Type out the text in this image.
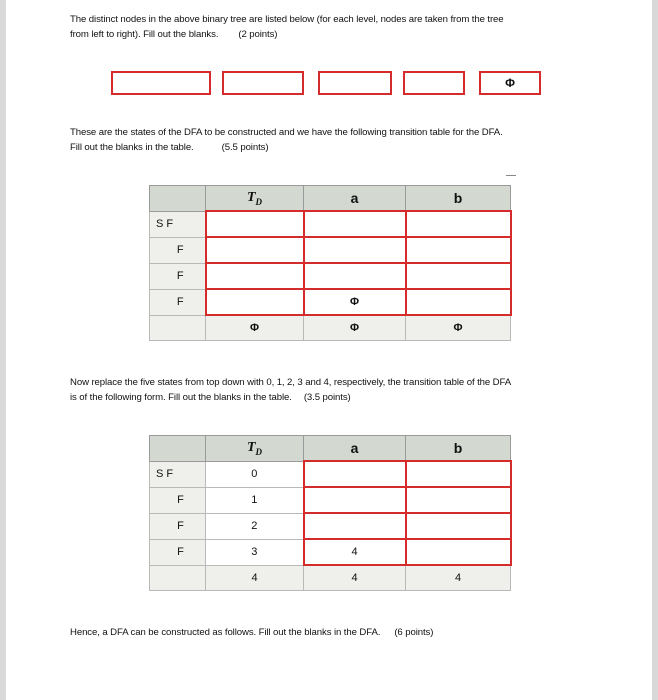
The distinct nodes in the above binary tree are listed below (for each level, nodes are taken from the tree
from left to right). Fill out the blanks. (2 points)
Φ
These are the states of the DFA to be constructed and we have the following transition table for the DFA.
Fill out the blanks in the table.	(5.5 points)
	$T_D$	a	b
S F			
F			
F			
F		Φ	
	Φ	Φ	Φ
Now replace the five states from top down with 0, 1, 2, 3 and 4, respectively, the transition table of the DFA
is of the following form. Fill out the blanks in the table. (3.5 points)
	$T_D$	a	b
S F	0		
F	1		
F	2		
F	3	4	
	4	4	4
Hence, a DFA can be constructed as follows. Fill out the blanks in the DFA. (6 points)
